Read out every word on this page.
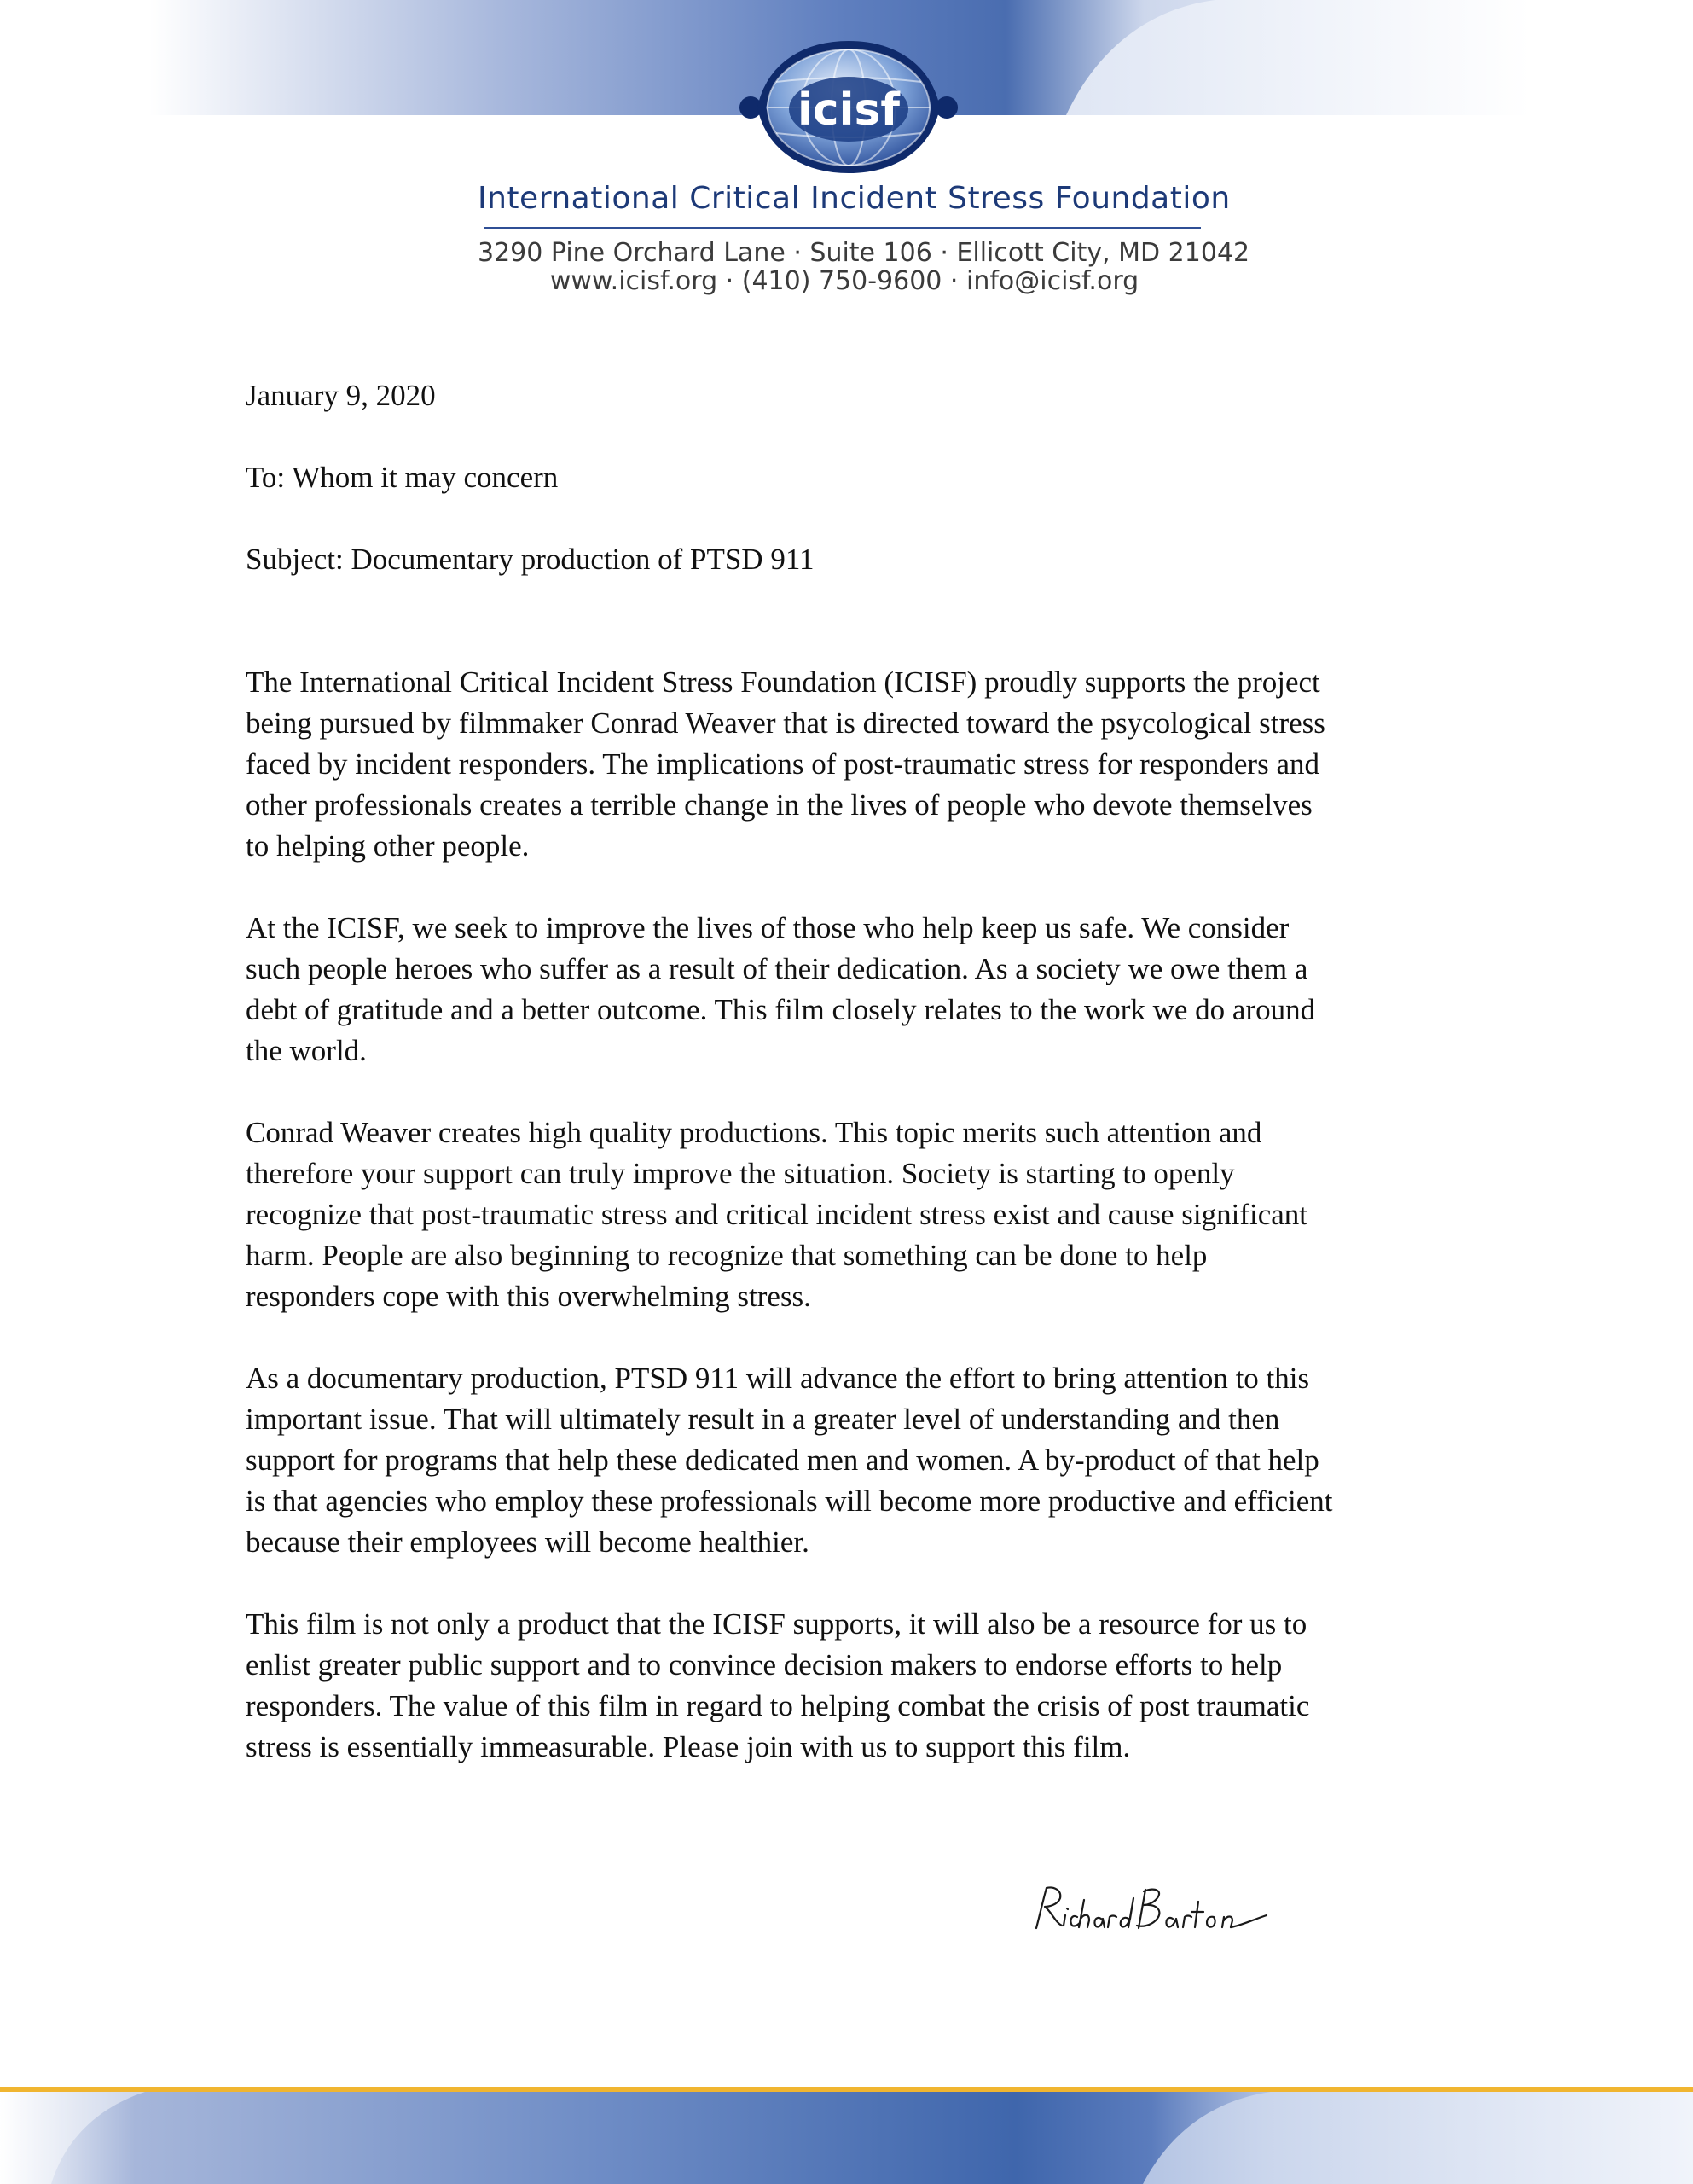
icisf
International Critical Incident Stress Foundation
3290 Pine Orchard Lane · Suite 106 · Ellicott City, MD 21042
www.icisf.org · (410) 750-9600 · info@icisf.org

January 9, 2020

To: Whom it may concern

Subject: Documentary production of PTSD 911

The International Critical Incident Stress Foundation (ICISF) proudly supports the project
being pursued by filmmaker Conrad Weaver that is directed toward the psycological stress
faced by incident responders. The implications of post-traumatic stress for responders and
other professionals creates a terrible change in the lives of people who devote themselves
to helping other people.

At the ICISF, we seek to improve the lives of those who help keep us safe. We consider
such people heroes who suffer as a result of their dedication. As a society we owe them a
debt of gratitude and a better outcome. This film closely relates to the work we do around
the world.

Conrad Weaver creates high quality productions. This topic merits such attention and
therefore your support can truly improve the situation. Society is starting to openly
recognize that post-traumatic stress and critical incident stress exist and cause significant
harm. People are also beginning to recognize that something can be done to help
responders cope with this overwhelming stress.

As a documentary production, PTSD 911 will advance the effort to bring attention to this
important issue. That will ultimately result in a greater level of understanding and then
support for programs that help these dedicated men and women. A by-product of that help
is that agencies who employ these professionals will become more productive and efficient
because their employees will become healthier.

This film is not only a product that the ICISF supports, it will also be a resource for us to
enlist greater public support and to convince decision makers to endorse efforts to help
responders. The value of this film in regard to helping combat the crisis of post traumatic
stress is essentially immeasurable. Please join with us to support this film.
